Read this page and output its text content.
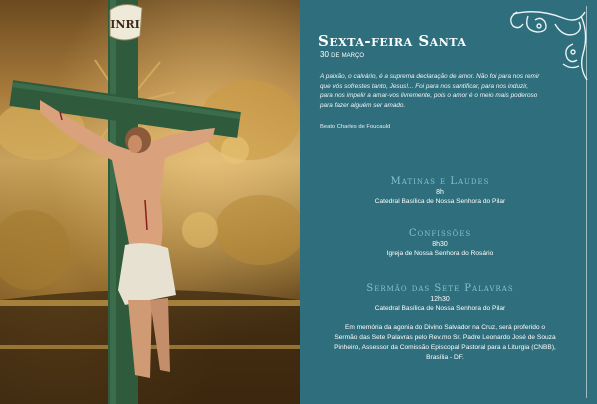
INRI
Sexta-feira Santa
30 de março
A paixão, o calvário, é a suprema declaração de amor. Não foi para nos remir que vós sofrestes tanto, Jesus!... Foi para nos santificar, para nos induzir, para nos impelir a amar-vos livremente, pois o amor é o meio mais poderoso para fazer alguém ser amado.
Beato Charles de Foucauld
Matinas e Laudes
8h
Catedral Basílica de Nossa Senhora do Pilar
Confissões
8h30
Igreja de Nossa Senhora do Rosário
Sermão das Sete Palavras
12h30
Catedral Basílica de Nossa Senhora do Pilar
Em memória da agonia do Divino Salvador na Cruz, será proferido o Sermão das Sete Palavras pelo Rev.mo Sr. Padre Leonardo José de Souza Pinheiro, Assessor da Comissão Episcopal Pastoral para a Liturgia (CNBB), Brasília - DF.
